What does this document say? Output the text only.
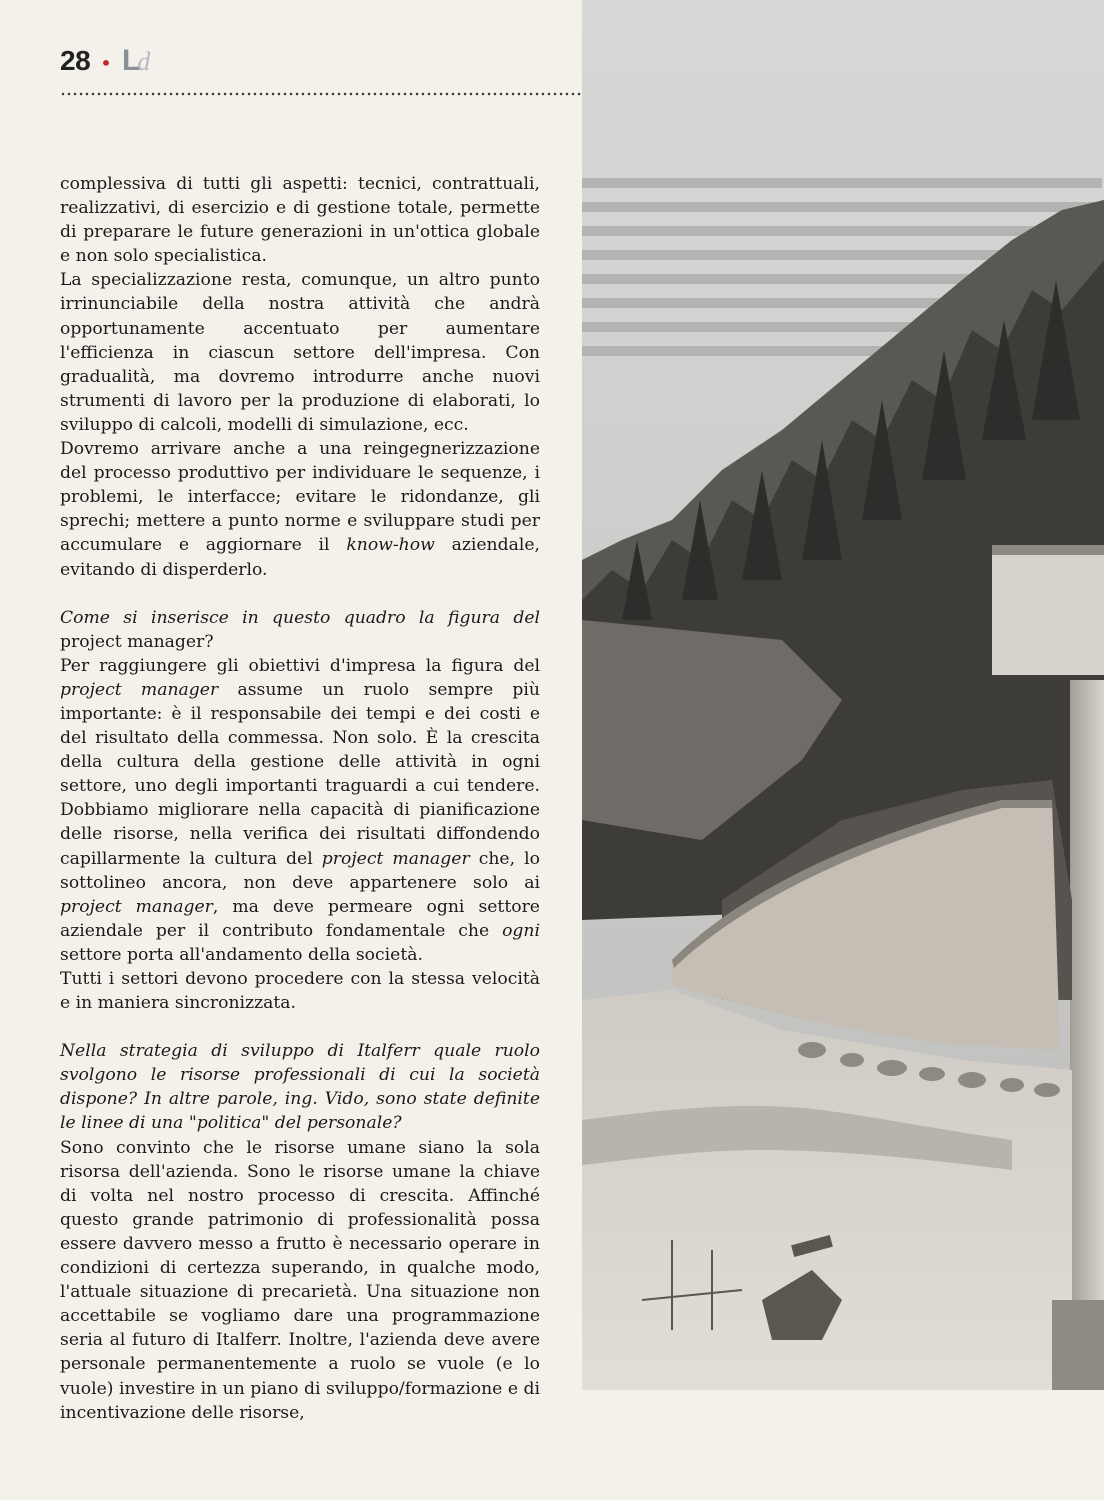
28 • Ld

complessiva di tutti gli aspetti: tecnici, contrattuali, realizzativi, di esercizio e di gestione totale, permette di preparare le future generazioni in un'ottica globale e non solo specialistica.

La specializzazione resta, comunque, un altro punto irrinunciabile della nostra attività che andrà opportunamente accentuato per aumentare l'efficienza in ciascun settore dell'impresa. Con gradualità, ma dovremo introdurre anche nuovi strumenti di lavoro per la produzione di elaborati, lo sviluppo di calcoli, modelli di simulazione, ecc.

Dovremo arrivare anche a una reingegnerizzazione del processo produttivo per individuare le sequenze, i problemi, le interfacce; evitare le ridondanze, gli sprechi; mettere a punto norme e sviluppare studi per accumulare e aggiornare il know-how aziendale, evitando di disperderlo.

Come si inserisce in questo quadro la figura del project manager?

Per raggiungere gli obiettivi d'impresa la figura del project manager assume un ruolo sempre più importante: è il responsabile dei tempi e dei costi e del risultato della commessa. Non solo. È la crescita della cultura della gestione delle attività in ogni settore, uno degli importanti traguardi a cui tendere. Dobbiamo migliorare nella capacità di pianificazione delle risorse, nella verifica dei risultati diffondendo capillarmente la cultura del project manager che, lo sottolineo ancora, non deve appartenere solo ai project manager, ma deve permeare ogni settore aziendale per il contributo fondamentale che ogni settore porta all'andamento della società.

Tutti i settori devono procedere con la stessa velocità e in maniera sincronizzata.

Nella strategia di sviluppo di Italferr quale ruolo svolgono le risorse professionali di cui la società dispone? In altre parole, ing. Vido, sono state definite le linee di una "politica" del personale?

Sono convinto che le risorse umane siano la sola risorsa dell'azienda. Sono le risorse umane la chiave di volta nel nostro processo di crescita. Affinché questo grande patrimonio di professionalità possa essere davvero messo a frutto è necessario operare in condizioni di certezza superando, in qualche modo, l'attuale situazione di precarietà. Una situazione non accettabile se vogliamo dare una programmazione seria al futuro di Italferr. Inoltre, l'azienda deve avere personale permanentemente a ruolo se vuole (e lo vuole) investire in un piano di sviluppo/formazione e di incentivazione delle risorse,
